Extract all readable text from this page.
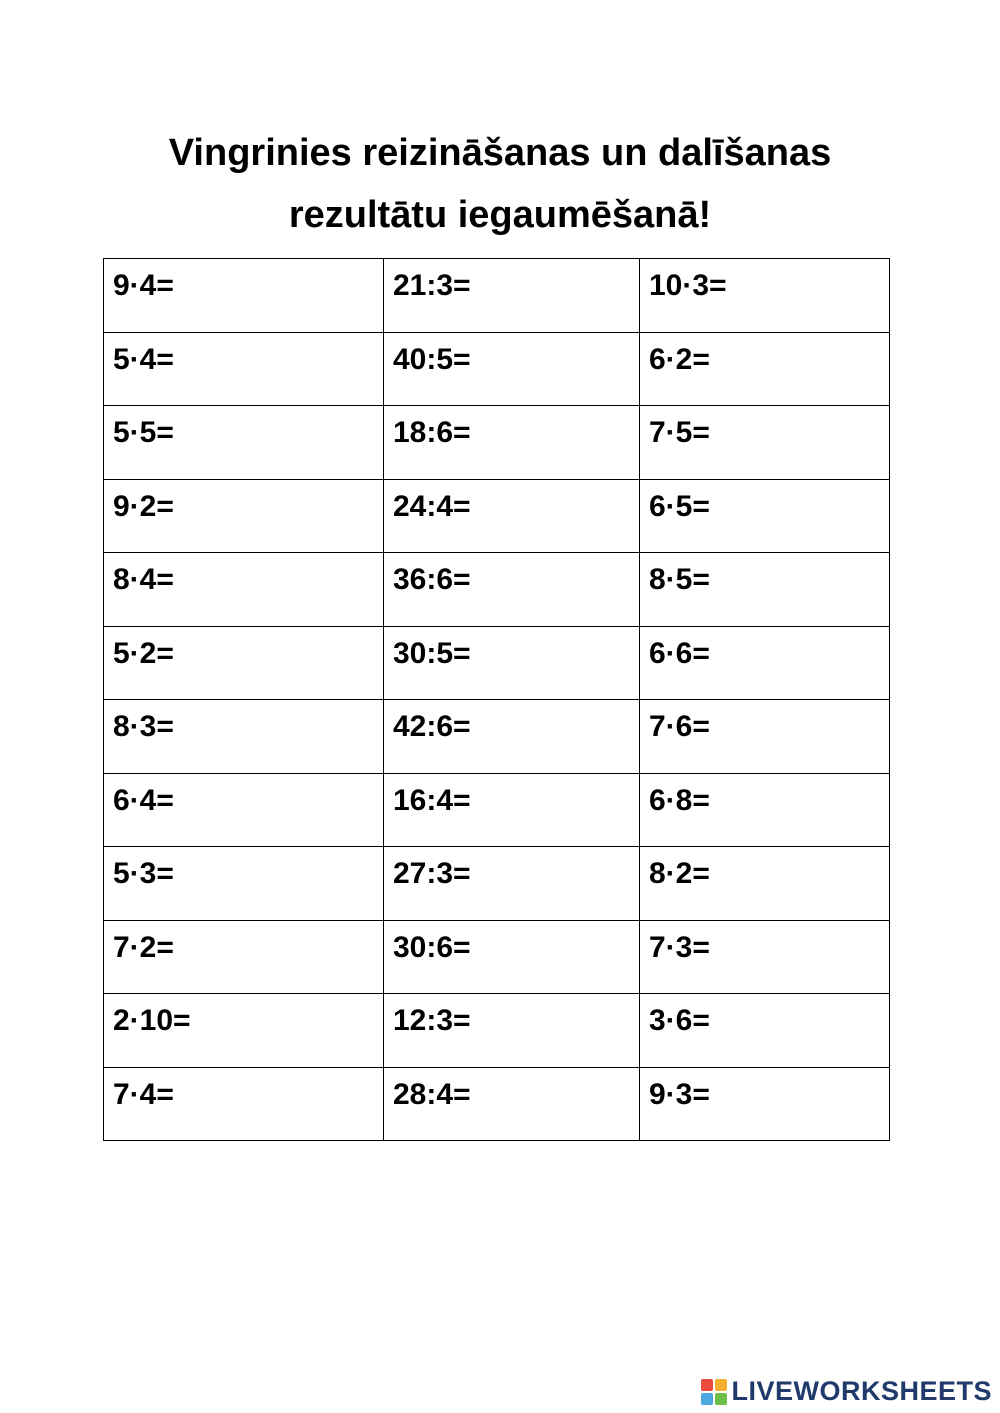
Vingrinies reizināšanas un dalīšanas
rezultātu iegaumēšanā!
9·4=	21:3=	10·3=
5·4=	40:5=	6·2=
5·5=	18:6=	7·5=
9·2=	24:4=	6·5=
8·4=	36:6=	8·5=
5·2=	30:5=	6·6=
8·3=	42:6=	7·6=
6·4=	16:4=	6·8=
5·3=	27:3=	8·2=
7·2=	30:6=	7·3=
2·10=	12:3=	3·6=
7·4=	28:4=	9·3=
LIVEWORKSHEETS
